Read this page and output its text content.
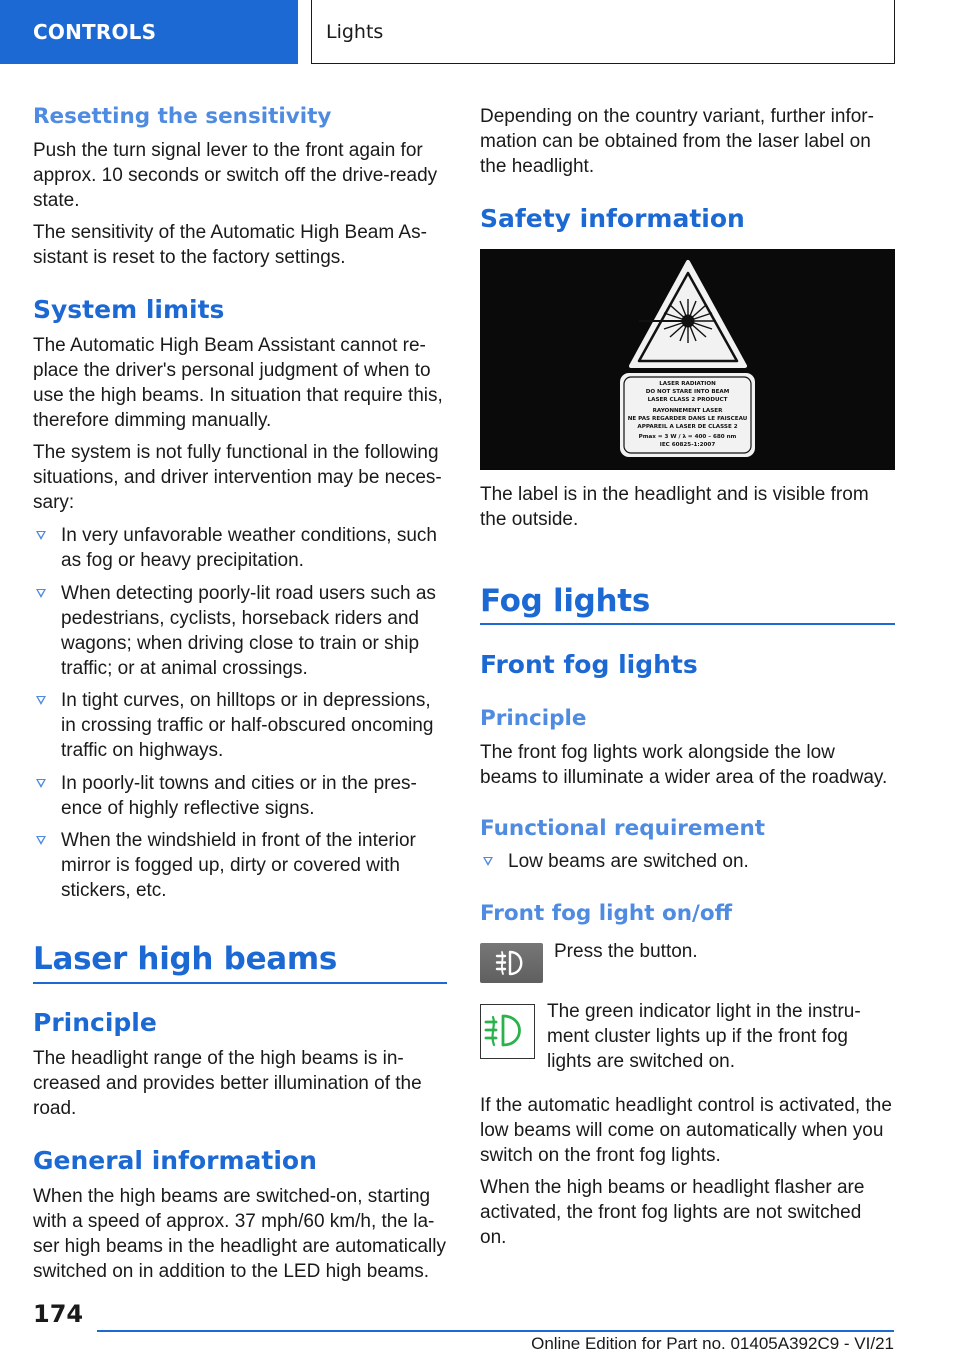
CONTROLS	Lights
Resetting the sensitivity

Push the turn signal lever to the front again for

approx. 10 seconds or switch off the drive-ready

state.

The sensitivity of the Automatic High Beam As-

sistant is reset to the factory settings.

System limits

The Automatic High Beam Assistant cannot re-

place the driver's personal judgment of when to

use the high beams. In situation that require this,

therefore dimming manually.

The system is not fully functional in the following

situations, and driver intervention may be neces-

sary:

In very unfavorable weather conditions, such
as fog or heavy precipitation.
When detecting poorly-lit road users such as
pedestrians, cyclists, horseback riders and
wagons; when driving close to train or ship
traffic; or at animal crossings.
In tight curves, on hilltops or in depressions,
in crossing traffic or half-obscured oncoming
traffic on highways.
In poorly-lit towns and cities or in the pres-
ence of highly reflective signs.
When the windshield in front of the interior
mirror is fogged up, dirty or covered with
stickers, etc.
Laser high beams
Principle

The headlight range of the high beams is in-

creased and provides better illumination of the

road.

General information

When the high beams are switched-on, starting

with a speed of approx. 37 mph/60 km/h, the la-

ser high beams in the headlight are automatically

switched on in addition to the LED high beams.

Depending on the country variant, further infor-

mation can be obtained from the laser label on

the headlight.

Safety information
LASER RADIATION
DO NOT STARE INTO BEAM
LASER CLASS 2 PRODUCT
RAYONNEMENT LASER
NE PAS REGARDER DANS LE FAISCEAU
APPAREIL A LASER DE CLASSE 2
Pmax = 3 W / λ = 400 – 680 nm
IEC 60825-1:2007

The label is in the headlight and is visible from

the outside.

Fog lights
Front fog lights
Principle

The front fog lights work alongside the low

beams to illuminate a wider area of the roadway.

Functional requirement
Low beams are switched on.
Front fog light on/off

Press the button.

The green indicator light in the instru-

ment cluster lights up if the front fog

lights are switched on.

If the automatic headlight control is activated, the

low beams will come on automatically when you

switch on the front fog lights.

When the high beams or headlight flasher are

activated, the front fog lights are not switched

on.

174
Online Edition for Part no. 01405A392C9 - VI/21
